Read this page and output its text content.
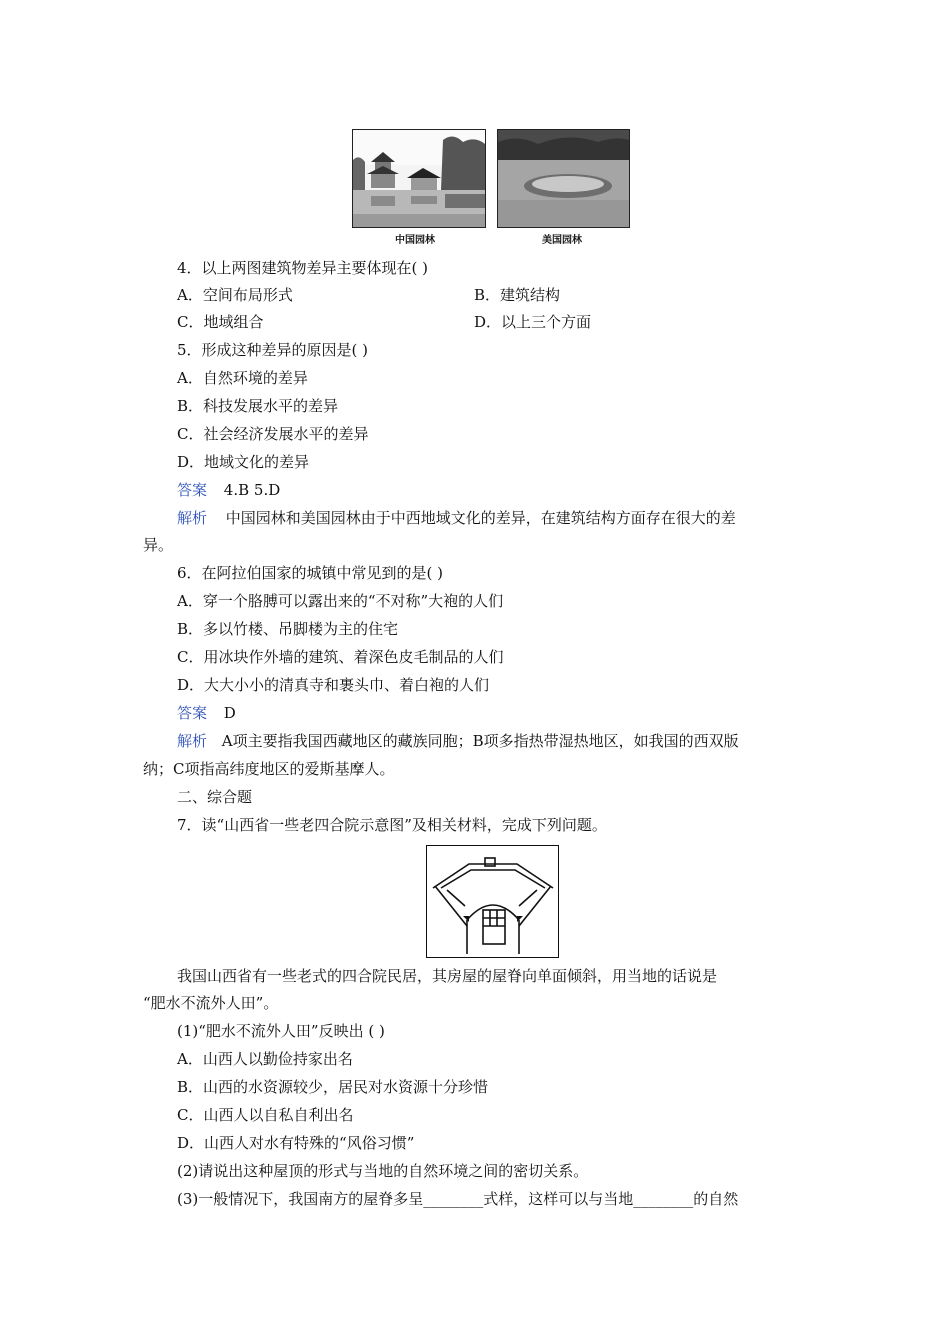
中国园林	美国园林
4．以上两图建筑物差异主要体现在( )
A．空间布局形式	B．建筑结构
C．地域组合	D．以上三个方面
5．形成这种差异的原因是( )
A．自然环境的差异
B．科技发展水平的差异
C．社会经济发展水平的差异
D．地域文化的差异
答案 4.B 5.D
解析 中国园林和美国园林由于中西地域文化的差异，在建筑结构方面存在很大的差
异。
6．在阿拉伯国家的城镇中常见到的是( )
A．穿一个胳膊可以露出来的“不对称”大袍的人们
B．多以竹楼、吊脚楼为主的住宅
C．用冰块作外墙的建筑、着深色皮毛制品的人们
D．大大小小的清真寺和裹头巾、着白袍的人们
答案 D
解析 A项主要指我国西藏地区的藏族同胞；B项多指热带湿热地区，如我国的西双版
纳；C项指高纬度地区的爱斯基摩人。
二、综合题
7．读“山西省一些老四合院示意图”及相关材料，完成下列问题。
我国山西省有一些老式的四合院民居，其房屋的屋脊向单面倾斜，用当地的话说是
“肥水不流外人田”。
(1)“肥水不流外人田”反映出 ( )
A．山西人以勤俭持家出名
B．山西的水资源较少，居民对水资源十分珍惜
C．山西人以自私自利出名
D．山西人对水有特殊的“风俗习惯”
(2)请说出这种屋顶的形式与当地的自然环境之间的密切关系。
(3)一般情况下，我国南方的屋脊多呈________式样，这样可以与当地________的自然
